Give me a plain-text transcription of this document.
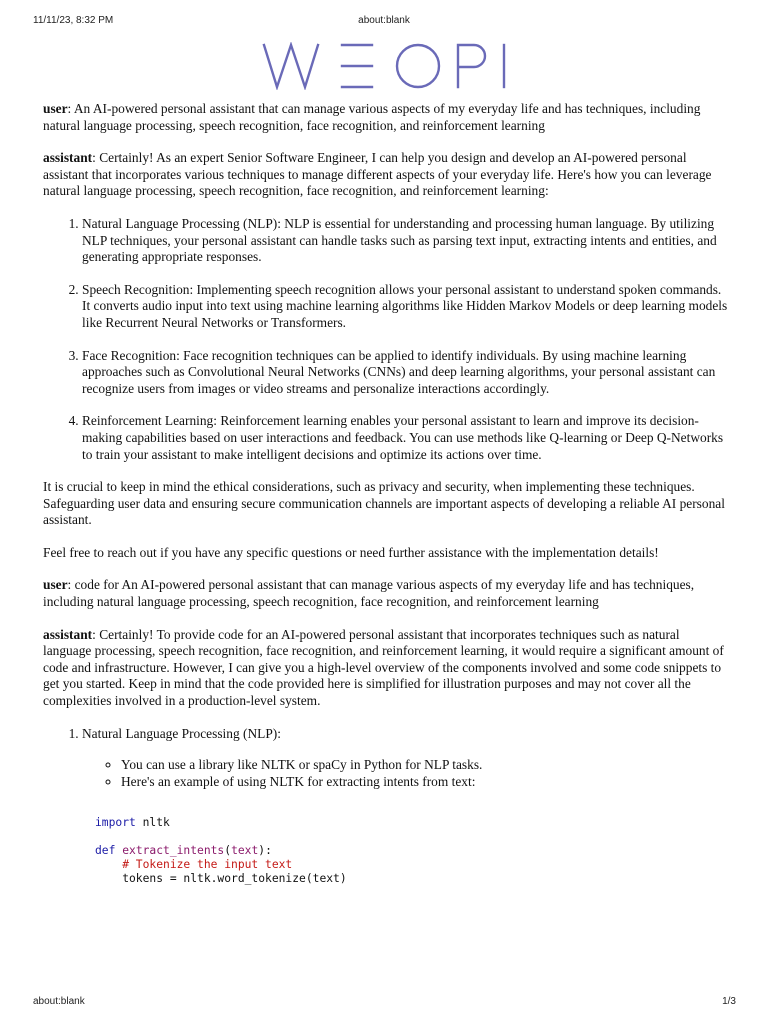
11/11/23, 8:32 PM	about:blank

user: An AI-powered personal assistant that can manage various aspects of my everyday life and has techniques, including natural language processing, speech recognition, face recognition, and reinforcement learning

assistant: Certainly! As an expert Senior Software Engineer, I can help you design and develop an AI-powered personal assistant that incorporates various techniques to manage different aspects of your everyday life. Here's how you can leverage natural language processing, speech recognition, face recognition, and reinforcement learning:

1. Natural Language Processing (NLP): NLP is essential for understanding and processing human language. By utilizing NLP techniques, your personal assistant can handle tasks such as parsing text input, extracting intents and entities, and generating appropriate responses.
2. Speech Recognition: Implementing speech recognition allows your personal assistant to understand spoken commands. It converts audio input into text using machine learning algorithms like Hidden Markov Models or deep learning models like Recurrent Neural Networks or Transformers.
3. Face Recognition: Face recognition techniques can be applied to identify individuals. By using machine learning approaches such as Convolutional Neural Networks (CNNs) and deep learning algorithms, your personal assistant can recognize users from images or video streams and personalize interactions accordingly.
4. Reinforcement Learning: Reinforcement learning enables your personal assistant to learn and improve its decision-making capabilities based on user interactions and feedback. You can use methods like Q-learning or Deep Q-Networks to train your assistant to make intelligent decisions and optimize its actions over time.

It is crucial to keep in mind the ethical considerations, such as privacy and security, when implementing these techniques. Safeguarding user data and ensuring secure communication channels are important aspects of developing a reliable AI personal assistant.

Feel free to reach out if you have any specific questions or need further assistance with the implementation details!

user: code for An AI-powered personal assistant that can manage various aspects of my everyday life and has techniques, including natural language processing, speech recognition, face recognition, and reinforcement learning

assistant: Certainly! To provide code for an AI-powered personal assistant that incorporates techniques such as natural language processing, speech recognition, face recognition, and reinforcement learning, it would require a significant amount of code and infrastructure. However, I can give you a high-level overview of the components involved and some code snippets to get you started. Keep in mind that the code provided here is simplified for illustration purposes and may not cover all the complexities involved in a production-level system.

1. Natural Language Processing (NLP):
◦ You can use a library like NLTK or spaCy in Python for NLP tasks.
◦ Here's an example of using NLTK for extracting intents from text:
import nltk

def extract_intents(text):
# Tokenize the input text
tokens = nltk.word_tokenize(text)
about:blank	1/3
